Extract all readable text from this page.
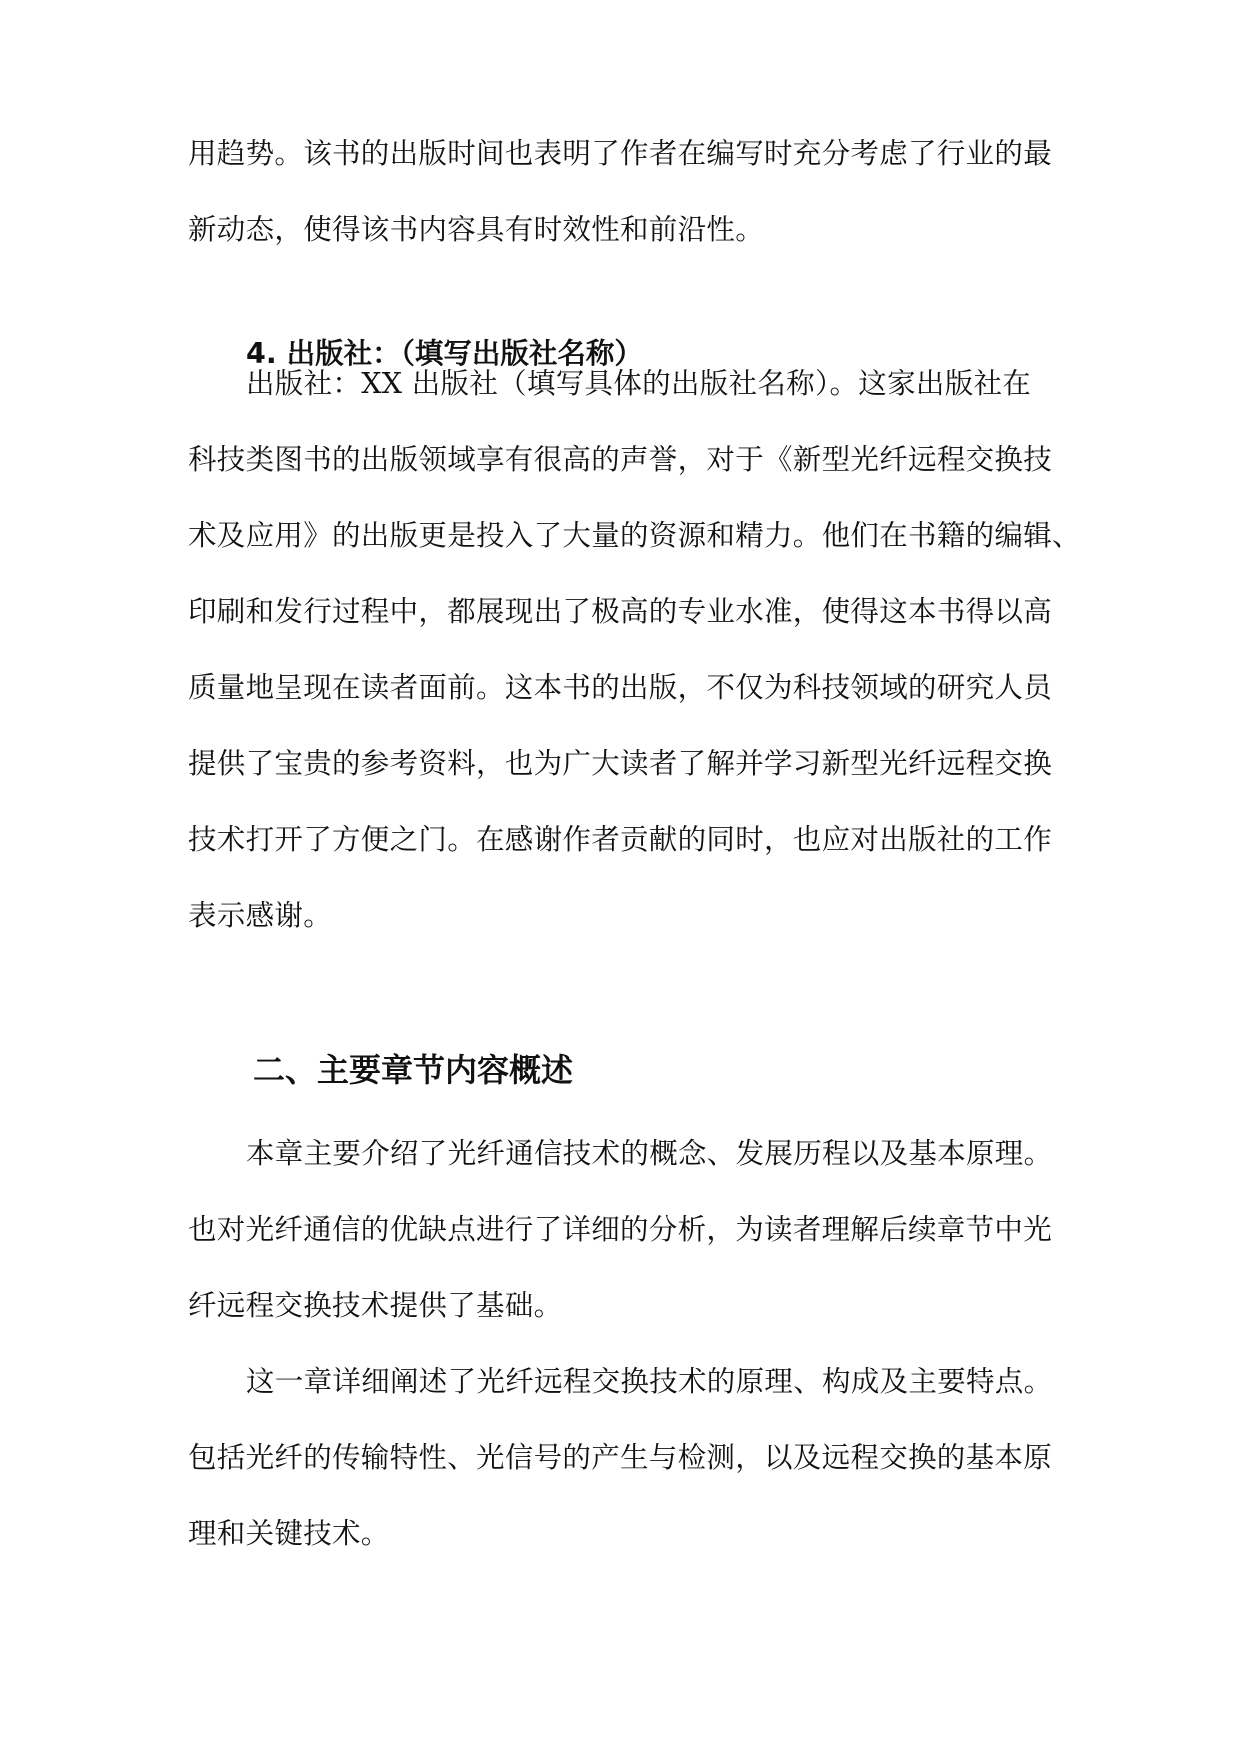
用趋势。该书的出版时间也表明了作者在编写时充分考虑了行业的最
新动态，使得该书内容具有时效性和前沿性。
4. 出版社：（填写出版社名称）
出版社：XX 出版社（填写具体的出版社名称）。这家出版社在
科技类图书的出版领域享有很高的声誉，对于《新型光纤远程交换技
术及应用》的出版更是投入了大量的资源和精力。他们在书籍的编辑、
印刷和发行过程中，都展现出了极高的专业水准，使得这本书得以高
质量地呈现在读者面前。这本书的出版，不仅为科技领域的研究人员
提供了宝贵的参考资料，也为广大读者了解并学习新型光纤远程交换
技术打开了方便之门。在感谢作者贡献的同时，也应对出版社的工作
表示感谢。
二、主要章节内容概述
本章主要介绍了光纤通信技术的概念、发展历程以及基本原理。
也对光纤通信的优缺点进行了详细的分析，为读者理解后续章节中光
纤远程交换技术提供了基础。
这一章详细阐述了光纤远程交换技术的原理、构成及主要特点。
包括光纤的传输特性、光信号的产生与检测，以及远程交换的基本原
理和关键技术。
